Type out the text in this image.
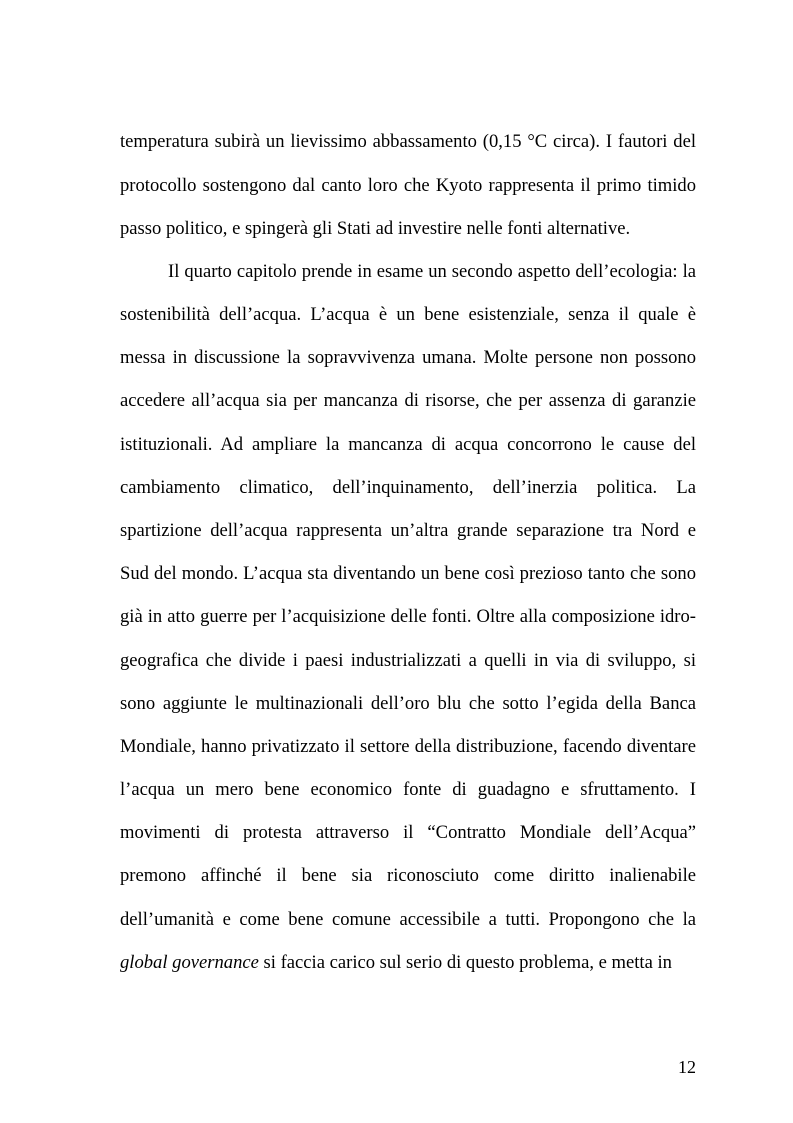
temperatura subirà un lievissimo abbassamento (0,15 °C circa). I fautori del
protocollo sostengono dal canto loro che Kyoto rappresenta il primo timido
passo politico, e spingerà gli Stati ad investire nelle fonti alternative.
Il quarto capitolo prende in esame un secondo aspetto dell’ecologia: la
sostenibilità dell’acqua. L’acqua è un bene esistenziale, senza il quale è
messa in discussione la sopravvivenza umana. Molte persone non possono
accedere all’acqua sia per mancanza di risorse, che per assenza di garanzie
istituzionali. Ad ampliare la mancanza di acqua concorrono le cause del
cambiamento climatico, dell’inquinamento, dell’inerzia politica. La
spartizione dell’acqua rappresenta un’altra grande separazione tra Nord e
Sud del mondo. L’acqua sta diventando un bene così prezioso tanto che sono
già in atto guerre per l’acquisizione delle fonti. Oltre alla composizione idro-
geografica che divide i paesi industrializzati a quelli in via di sviluppo, si
sono aggiunte le multinazionali dell’oro blu che sotto l’egida della Banca
Mondiale, hanno privatizzato il settore della distribuzione, facendo diventare
l’acqua un mero bene economico fonte di guadagno e sfruttamento. I
movimenti di protesta attraverso il “Contratto Mondiale dell’Acqua”
premono affinché il bene sia riconosciuto come diritto inalienabile
dell’umanità e come bene comune accessibile a tutti. Propongono che la
global governance si faccia carico sul serio di questo problema, e metta in
12
